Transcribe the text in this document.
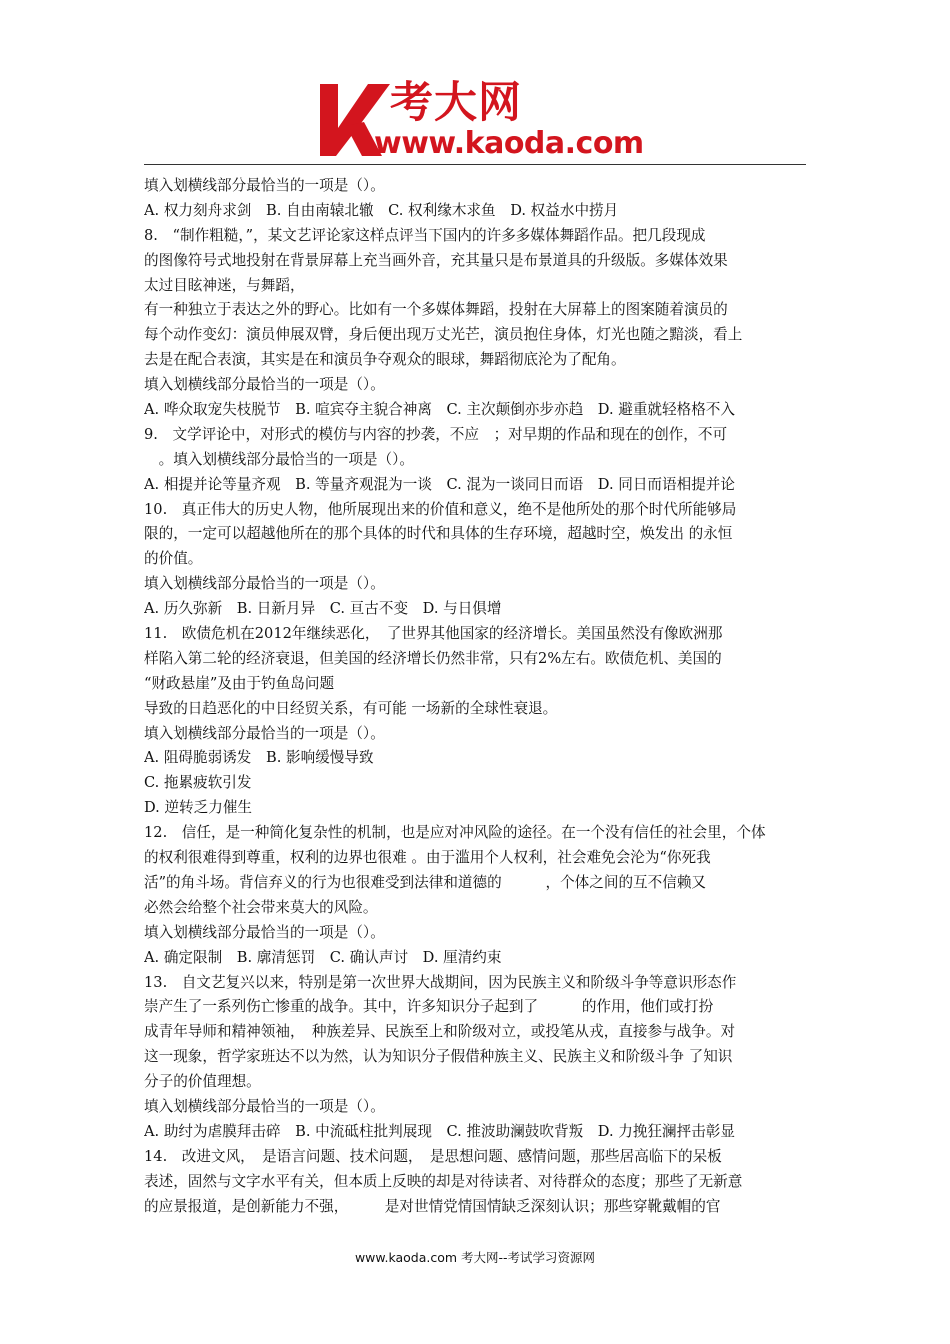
考大网
www.kaoda.com
填入划横线部分最恰当的一项是（）。
A. 权力刻舟求剑　B. 自由南辕北辙　C. 权利缘木求鱼　D. 权益水中捞月
8.　“制作粗糙，”，某文艺评论家这样点评当下国内的许多多媒体舞蹈作品。把几段现成
的图像符号式地投射在背景屏幕上充当画外音，充其量只是布景道具的升级版。多媒体效果
太过目眩神迷，与舞蹈，
有一种独立于表达之外的野心。比如有一个多媒体舞蹈，投射在大屏幕上的图案随着演员的
每个动作变幻：演员伸展双臂，身后便出现万丈光芒，演员抱住身体，灯光也随之黯淡，看上
去是在配合表演，其实是在和演员争夺观众的眼球，舞蹈彻底沦为了配角。
填入划横线部分最恰当的一项是（）。
A. 哗众取宠失枝脱节　B. 喧宾夺主貌合神离　C. 主次颠倒亦步亦趋　D. 避重就轻格格不入
9.　文学评论中，对形式的模仿与内容的抄袭，不应　；对早期的作品和现在的创作，不可
　。填入划横线部分最恰当的一项是（）。
A. 相提并论等量齐观　B. 等量齐观混为一谈　C. 混为一谈同日而语　D. 同日而语相提并论
10.　真正伟大的历史人物，他所展现出来的价值和意义，绝不是他所处的那个时代所能够局
限的，一定可以超越他所在的那个具体的时代和具体的生存环境，超越时空，焕发出 的永恒
的价值。
填入划横线部分最恰当的一项是（）。
A. 历久弥新　B. 日新月异　C. 亘古不变　D. 与日俱增
11.　欧债危机在2012年继续恶化，　了世界其他国家的经济增长。美国虽然没有像欧洲那
样陷入第二轮的经济衰退，但美国的经济增长仍然非常，只有2%左右。欧债危机、美国的
“财政悬崖”及由于钓鱼岛问题
导致的日趋恶化的中日经贸关系，有可能 一场新的全球性衰退。
填入划横线部分最恰当的一项是（）。
A. 阻碍脆弱诱发　B. 影响缓慢导致
C. 拖累疲软引发
D. 逆转乏力催生
12.　信任，是一种简化复杂性的机制，也是应对冲风险的途径。在一个没有信任的社会里，个体
的权利很难得到尊重，权利的边界也很难 。由于滥用个人权利，社会难免会沦为“你死我
活”的角斗场。背信弃义的行为也很难受到法律和道德的　　　，个体之间的互不信赖又
必然会给整个社会带来莫大的风险。
填入划横线部分最恰当的一项是（）。
A. 确定限制　B. 廓清惩罚　C. 确认声讨　D. 厘清约束
13.　自文艺复兴以来，特别是第一次世界大战期间，因为民族主义和阶级斗争等意识形态作
崇产生了一系列伤亡惨重的战争。其中，许多知识分子起到了　　　的作用，他们或打扮
成青年导师和精神领袖，　种族差异、民族至上和阶级对立，或投笔从戎，直接参与战争。对
这一现象，哲学家班达不以为然，认为知识分子假借种族主义、民族主义和阶级斗争 了知识
分子的价值理想。
填入划横线部分最恰当的一项是（）。
A. 助纣为虐膜拜击碎　B. 中流砥柱批判展现　C. 推波助澜鼓吹背叛　D. 力挽狂澜抨击彰显
14.　改进文风，　是语言问题、技术问题，　是思想问题、感情问题，那些居高临下的呆板
表述，固然与文字水平有关，但本质上反映的却是对待读者、对待群众的态度；那些了无新意
的应景报道，是创新能力不强，　　　是对世情党情国情缺乏深刻认识；那些穿靴戴帽的官
www.kaoda.com 考大网--考试学习资源网
